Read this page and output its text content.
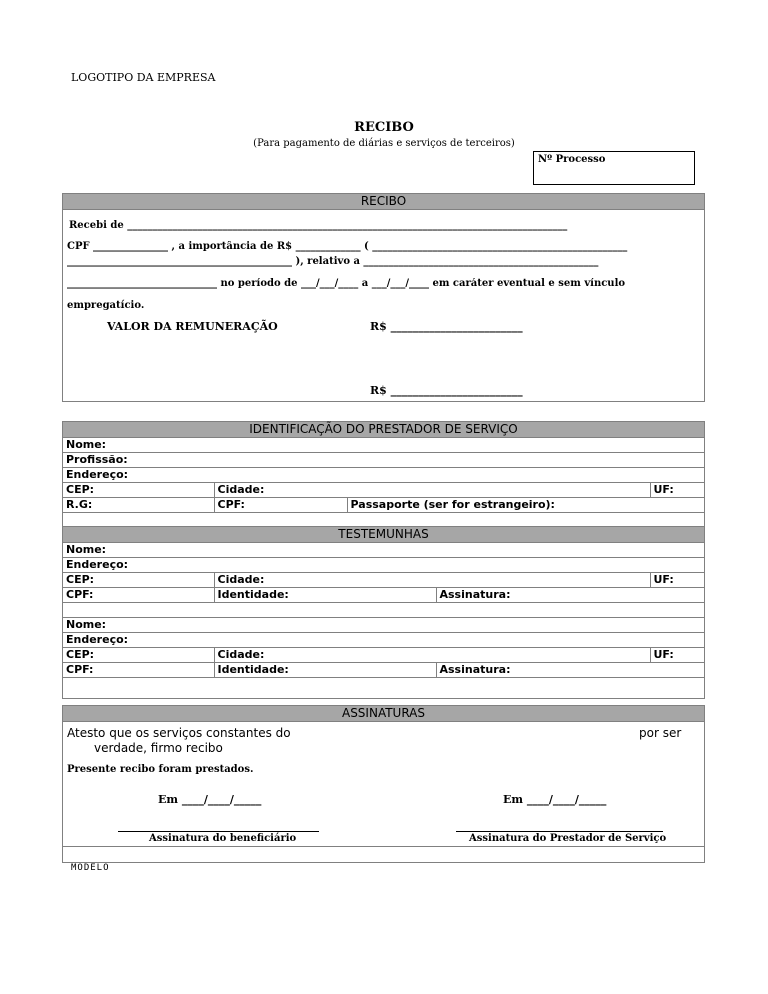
LOGOTIPO DA EMPRESA
RECIBO
(Para pagamento de diárias e serviços de terceiros)
Nº Processo
RECIBO
Recebi de ________________________________________________________________________________________
CPF _______________ , a importância de R$ _____________ ( ___________________________________________________
_____________________________________________ ), relativo a _______________________________________________
______________________________ no período de ___/___/____ a ___/___/____ em caráter eventual e sem vínculo
empregatício.
VALOR DA REMUNERAÇÃO	R$ ________________________
R$ ________________________
IDENTIFICAÇÃO DO PRESTADOR DE SERVIÇO
Nome:			
Profissão:			
Endereço:			
CEP:	Cidade:		UF:
R.G:	CPF:	Passaporte (ser for estrangeiro):	

TESTEMUNHAS
Nome:			
Endereço:			
CEP:	Cidade:		UF:
CPF:	Identidade:	Assinatura:	

Nome:			
Endereço:			
CEP:	Cidade:		UF:
CPF:	Identidade:	Assinatura:	

ASSINATURAS
Atesto que os serviços constantes do	por ser
verdade, firmo recibo
Presente recibo foram prestados.
Em ____/____/_____	Em ____/____/_____
Assinatura do beneficiário	Assinatura do Prestador de Serviço
MODELO
